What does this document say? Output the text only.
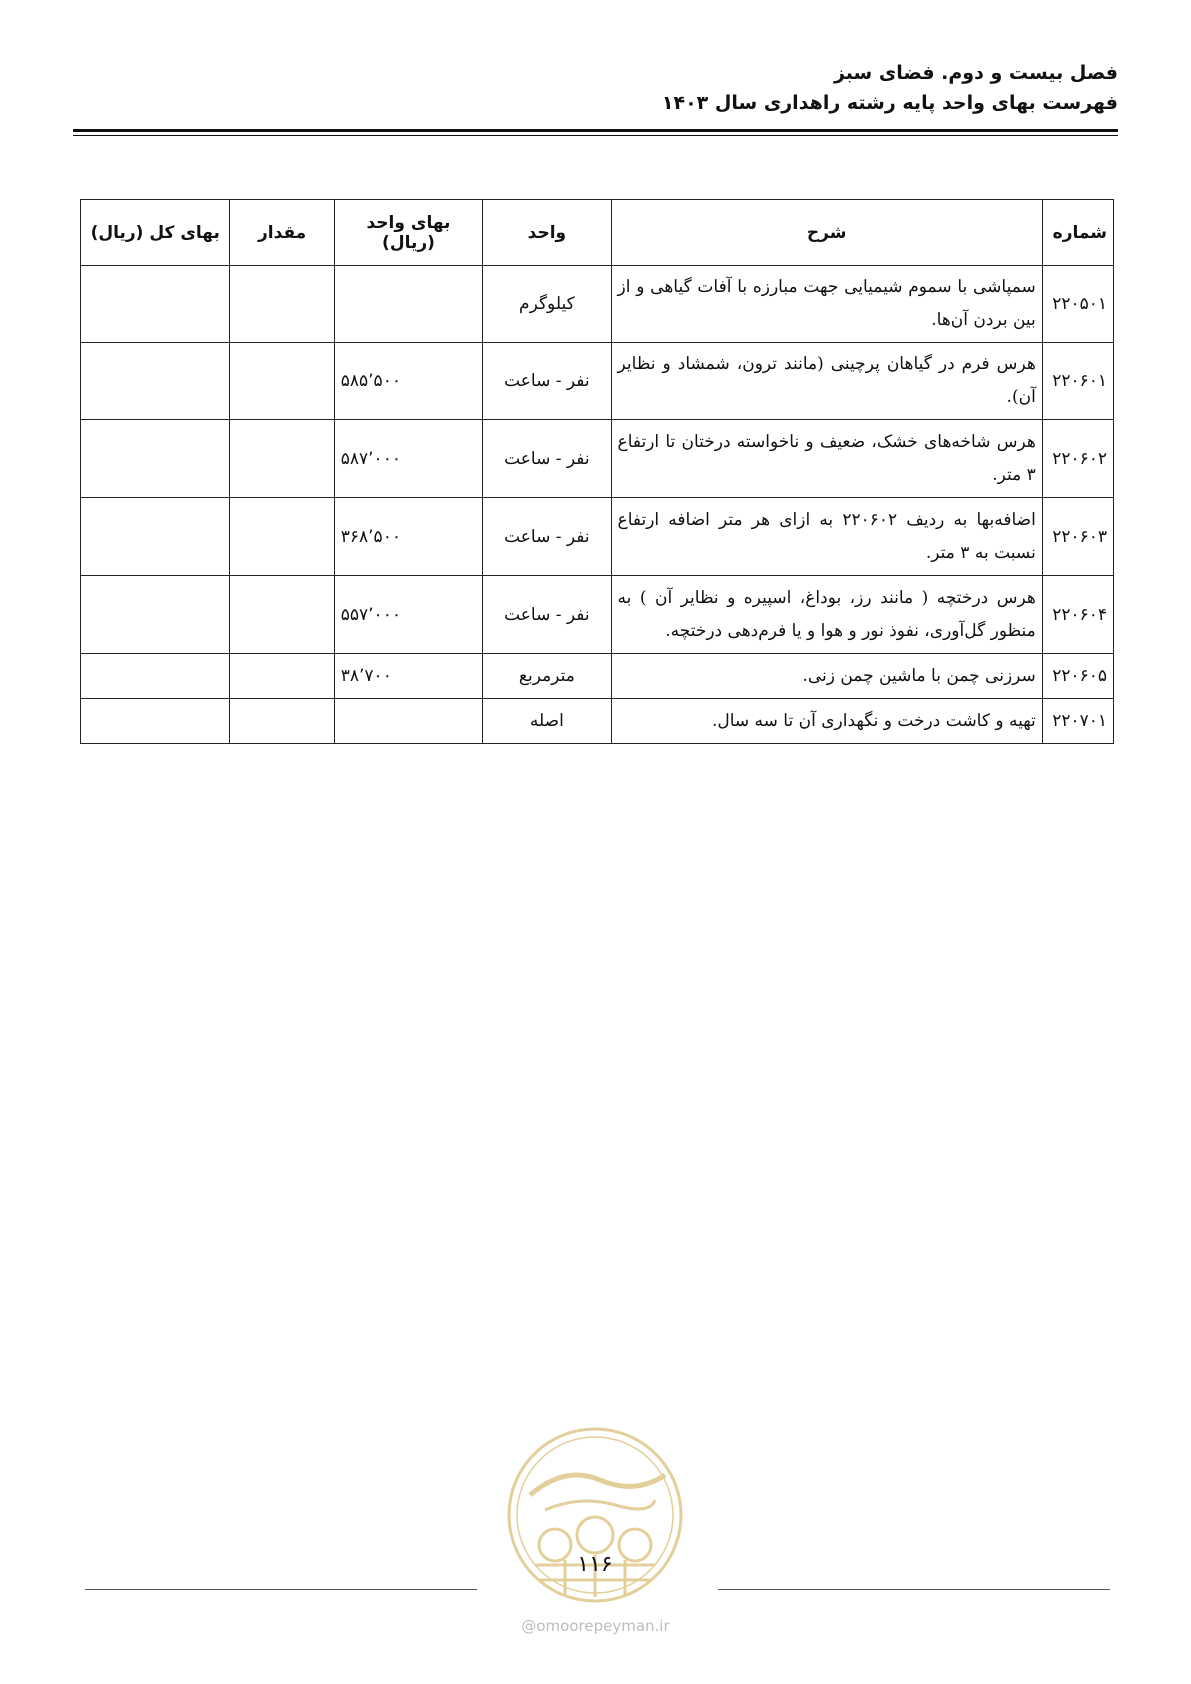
فصل بیست و دوم. فضای سبز
فهرست بهای واحد پایه رشته راهداری سال ۱۴۰۳
شماره	شرح	واحد	بهای واحد (ریال)	مقدار	بهای کل (ریال)
۲۲۰۵۰۱	سمپاشی با سموم شیمیایی جهت مبارزه با آفات گیاهی و از بین بردن آن‌ها.	کیلوگرم			
۲۲۰۶۰۱	هرس فرم در گیاهان پرچینی (مانند ترون، شمشاد و نظایر آن).	نفر - ساعت	۵۸۵٬۵۰۰		
۲۲۰۶۰۲	هرس شاخه‌های خشک، ضعیف و ناخواسته درختان تا ارتفاع ۳ متر.	نفر - ساعت	۵۸۷٬۰۰۰		
۲۲۰۶۰۳	اضافه‌بها به ردیف ۲۲۰۶۰۲ به ازای هر متر اضافه ارتفاع نسبت به ۳ متر.	نفر - ساعت	۳۶۸٬۵۰۰		
۲۲۰۶۰۴	هرس درختچه ( مانند رز، بوداغ، اسپیره و نظایر آن ) به منظور گل‌آوری، نفوذ نور و هوا و یا فرم‌دهی درختچه.	نفر - ساعت	۵۵۷٬۰۰۰		
۲۲۰۶۰۵	سرزنی چمن با ماشین چمن زنی.	مترمربع	۳۸٬۷۰۰		
۲۲۰۷۰۱	تهیه و کاشت درخت و نگهداری آن تا سه سال.	اصله			
۱۱۶
@omoorepeyman.ir
